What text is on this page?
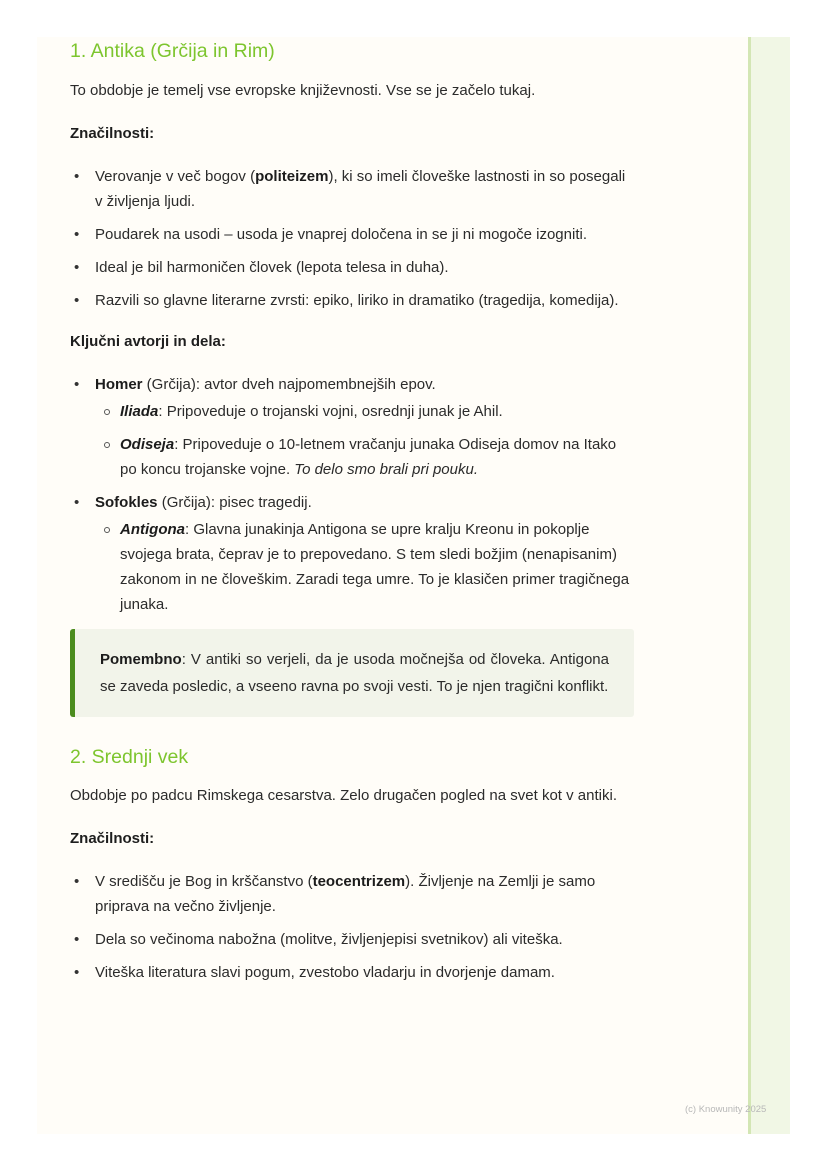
1. Antika (Grčija in Rim)

To obdobje je temelj vse evropske književnosti. Vse se je začelo tukaj.

Značilnosti:

• Verovanje v več bogov (politeizem), ki so imeli človeške lastnosti in so posegali v življenja ljudi.
• Poudarek na usodi – usoda je vnaprej določena in se ji ni mogoče izogniti.
• Ideal je bil harmoničen človek (lepota telesa in duha).
• Razvili so glavne literarne zvrsti: epiko, liriko in dramatiko (tragedija, komedija).

Ključni avtorji in dela:

• Homer (Grčija): avtor dveh najpomembnejših epov.
Iliada: Pripoveduje o trojanski vojni, osrednji junak je Ahil.
Odiseja: Pripoveduje o 10-letnem vračanju junaka Odiseja domov na Itako po koncu trojanske vojne. To delo smo brali pri pouku.
• Sofokles (Grčija): pisec tragedij.
Antigona: Glavna junakinja Antigona se upre kralju Kreonu in pokoplje svojega brata, čeprav je to prepovedano. S tem sledi božjim (nenapisanim) zakonom in ne človeškim. Zaradi tega umre. To je klasičen primer tragičnega junaka.
Pomembno: V antiki so verjeli, da je usoda močnejša od človeka. Antigona se zaveda posledic, a vseeno ravna po svoji vesti. To je njen tragični konflikt.
2. Srednji vek

Obdobje po padcu Rimskega cesarstva. Zelo drugačen pogled na svet kot v antiki.

Značilnosti:

• V središču je Bog in krščanstvo (teocentrizem). Življenje na Zemlji je samo priprava na večno življenje.
• Dela so večinoma nabožna (molitve, življenjepisi svetnikov) ali viteška.
• Viteška literatura slavi pogum, zvestobo vladarju in dvorjenje damam.
(c) Knowunity 2025
